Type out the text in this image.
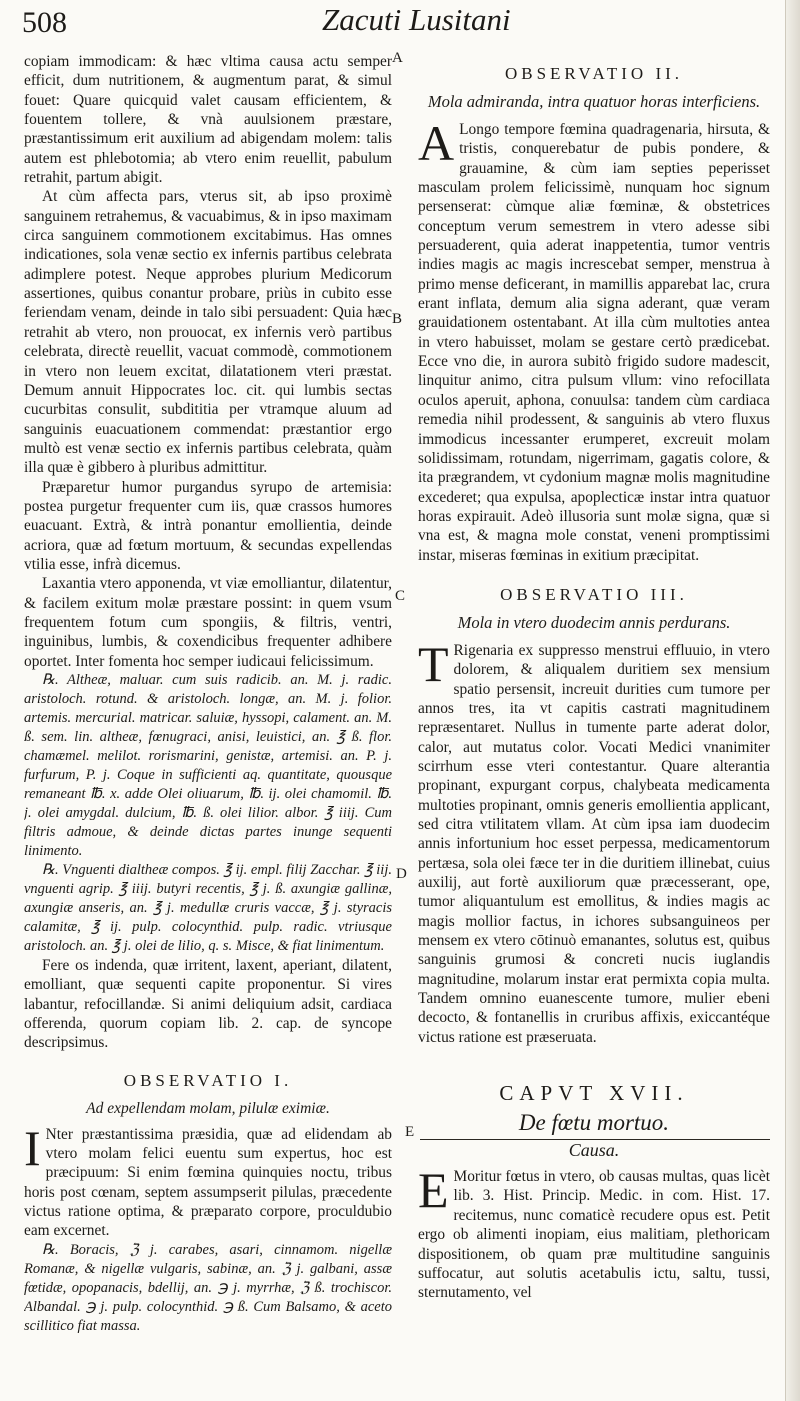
508	Zacuti Lusitani
A
B
C
D
E

copiam immodicam: & hæc vltima causa actu semper efficit, dum nutritionem, & augmentum parat, & simul fouet: Quare quicquid valet causam efficientem, & fouentem tollere, & vnà auulsionem præstare, præstantissimum erit auxilium ad abigendam molem: talis autem est phlebotomia; ab vtero enim reuellit, pabulum retrahit, partum abigit.

At cùm affecta pars, vterus sit, ab ipso proximè sanguinem retrahemus, & vacuabimus, & in ipso maximam circa sanguinem commotionem excitabimus. Has omnes indicationes, sola venæ sectio ex infernis partibus celebrata adimplere potest. Neque approbes plurium Medicorum assertiones, quibus conantur probare, priùs in cubito esse feriendam venam, deinde in talo sibi persuadent: Quia hæc retrahit ab vtero, non prouocat, ex infernis verò partibus celebrata, directè reuellit, vacuat commodè, commotionem in vtero non leuem excitat, dilatationem vteri præstat. Demum annuit Hippocrates loc. cit. qui lumbis sectas cucurbitas consulit, subdititia per vtramque aluum ad sanguinis euacuationem commendat: præstantior ergo multò est venæ sectio ex infernis partibus celebrata, quàm illa quæ è gibbero à pluribus admittitur.

Præparetur humor purgandus syrupo de artemisia: postea purgetur frequenter cum iis, quæ crassos humores euacuant. Extrà, & intrà ponantur emollientia, deinde acriora, quæ ad fœtum mortuum, & secundas expellendas vtilia esse, infrà dicemus.

Laxantia vtero apponenda, vt viæ emolliantur, dilatentur, & facilem exitum molæ præstare possint: in quem vsum frequentem fotum cum spongiis, & filtris, ventri, inguinibus, lumbis, & coxendicibus frequenter adhibere oportet. Inter fomenta hoc semper iudicaui felicissimum.

℞. Altheæ, maluar. cum suis radicib. an. M. j. radic. aristoloch. rotund. & aristoloch. longæ, an. M. j. folior. artemis. mercurial. matricar. saluiæ, hyssopi, calament. an. M. ß. sem. lin. altheæ, fœnugraci, anisi, leuistici, an. ℥ ß. flor. chamæmel. melilot. rorismarini, genistæ, artemisi. an. P. j. furfurum, P. j. Coque in sufficienti aq. quantitate, quousque remaneant ℔. x. adde Olei oliuarum, ℔. ij. olei chamomil. ℔. j. olei amygdal. dulcium, ℔. ß. olei lilior. albor. ℥ iiij. Cum filtris admoue, & deinde dictas partes inunge sequenti linimento.

℞. Vnguenti dialtheæ compos. ℥ ij. empl. filij Zacchar. ℥ iij. vnguenti agrip. ℥ iiij. butyri recentis, ℥ j. ß. axungiæ gallinæ, axungiæ anseris, an. ℥ j. medullæ cruris vaccæ, ℥ j. styracis calamitæ, ℥ ij. pulp. colocynthid. pulp. radic. vtriusque aristoloch. an. ℥ j. olei de lilio, q. s. Misce, & fiat linimentum.

Fere os indenda, quæ irritent, laxent, aperiant, dilatent, emolliant, quæ sequenti capite proponentur. Si vires labantur, refocillandæ. Si animi deliquium adsit, cardiaca offerenda, quorum copiam lib. 2. cap. de syncope descripsimus.

OBSERVATIO I.

Ad expellendam molam, pilulæ eximiæ.

I Nter præstantissima præsidia, quæ ad elidendam ab vtero molam felici euentu sum expertus, hoc est præcipuum: Si enim fœmina quinquies noctu, tribus horis post cœnam, septem assumpserit pilulas, præcedente victus ratione optima, & præparato corpore, proculdubio eam excernet.

℞. Boracis, ℨ j. carabes, asari, cinnamom. nigellæ Romanæ, & nigellæ vulgaris, sabinæ, an. ℨ j. galbani, assæ fœtidæ, opopanacis, bdellij, an. ℈ j. myrrhæ, ℨ ß. trochiscor. Albandal. ℈ j. pulp. colocynthid. ℈ ß. Cum Balsamo, & aceto scillitico fiat massa.

OBSERVATIO II.

Mola admiranda, intra quatuor horas interficiens.

A Longo tempore fœmina quadragenaria, hirsuta, & tristis, conquerebatur de pubis pondere, & grauamine, & cùm iam septies peperisset masculam prolem felicissimè, nunquam hoc signum persenserat: cùmque aliæ fœminæ, & obstetrices conceptum verum semestrem in vtero adesse sibi persuaderent, quia aderat inappetentia, tumor ventris indies magis ac magis increscebat semper, menstrua à primo mense deficerant, in mamillis apparebat lac, crura erant inflata, demum alia signa aderant, quæ veram grauidationem ostentabant. At illa cùm multoties antea in vtero habuisset, molam se gestare certò prædicebat. Ecce vno die, in aurora subitò frigido sudore madescit, linquitur animo, citra pulsum vllum: vino refocillata oculos aperuit, aphona, conuulsa: tandem cùm cardiaca remedia nihil prodessent, & sanguinis ab vtero fluxus immodicus incessanter erumperet, excreuit molam solidissimam, rotundam, nigerrimam, gagatis colore, & ita prægrandem, vt cydonium magnæ molis magnitudine excederet; qua expulsa, apoplecticæ instar intra quatuor horas expirauit. Adeò illusoria sunt molæ signa, quæ si vna est, & magna mole constat, veneni promptissimi instar, miseras fœminas in exitium præcipitat.

OBSERVATIO III.

Mola in vtero duodecim annis perdurans.

T Rigenaria ex suppresso menstrui effluuio, in vtero dolorem, & aliqualem duritiem sex mensium spatio persensit, increuit durities cum tumore per annos tres, ita vt capitis castrati magnitudinem repræsentaret. Nullus in tumente parte aderat dolor, calor, aut mutatus color. Vocati Medici vnanimiter scirrhum esse vteri contestantur. Quare alterantia propinant, expurgant corpus, chalybeata medicamenta multoties propinant, omnis generis emollientia applicant, sed citra vtilitatem vllam. At cùm ipsa iam duodecim annis infortunium hoc esset perpessa, medicamentorum pertæsa, sola olei fæce ter in die duritiem illinebat, cuius auxilij, aut fortè auxiliorum quæ præcesserant, ope, tumor aliquantulum est emollitus, & indies magis ac magis mollior factus, in ichores subsanguineos per mensem ex vtero cōtinuò emanantes, solutus est, quibus sanguinis grumosi & concreti nucis iuglandis magnitudine, molarum instar erat permixta copia multa. Tandem omnino euanescente tumore, mulier ebeni decocto, & fontanellis in cruribus affixis, exiccantéque victus ratione est præseruata.

CAPVT XVII.

De fœtu mortuo.

Causa.

E Moritur fœtus in vtero, ob causas multas, quas licèt lib. 3. Hist. Princip. Medic. in com. Hist. 17. recitemus, nunc comaticè recudere opus est. Petit ergo ob alimenti inopiam, eius malitiam, plethoricam dispositionem, ob quam præ multitudine sanguinis suffocatur, aut solutis acetabulis ictu, saltu, tussi, sternutamento, vel
